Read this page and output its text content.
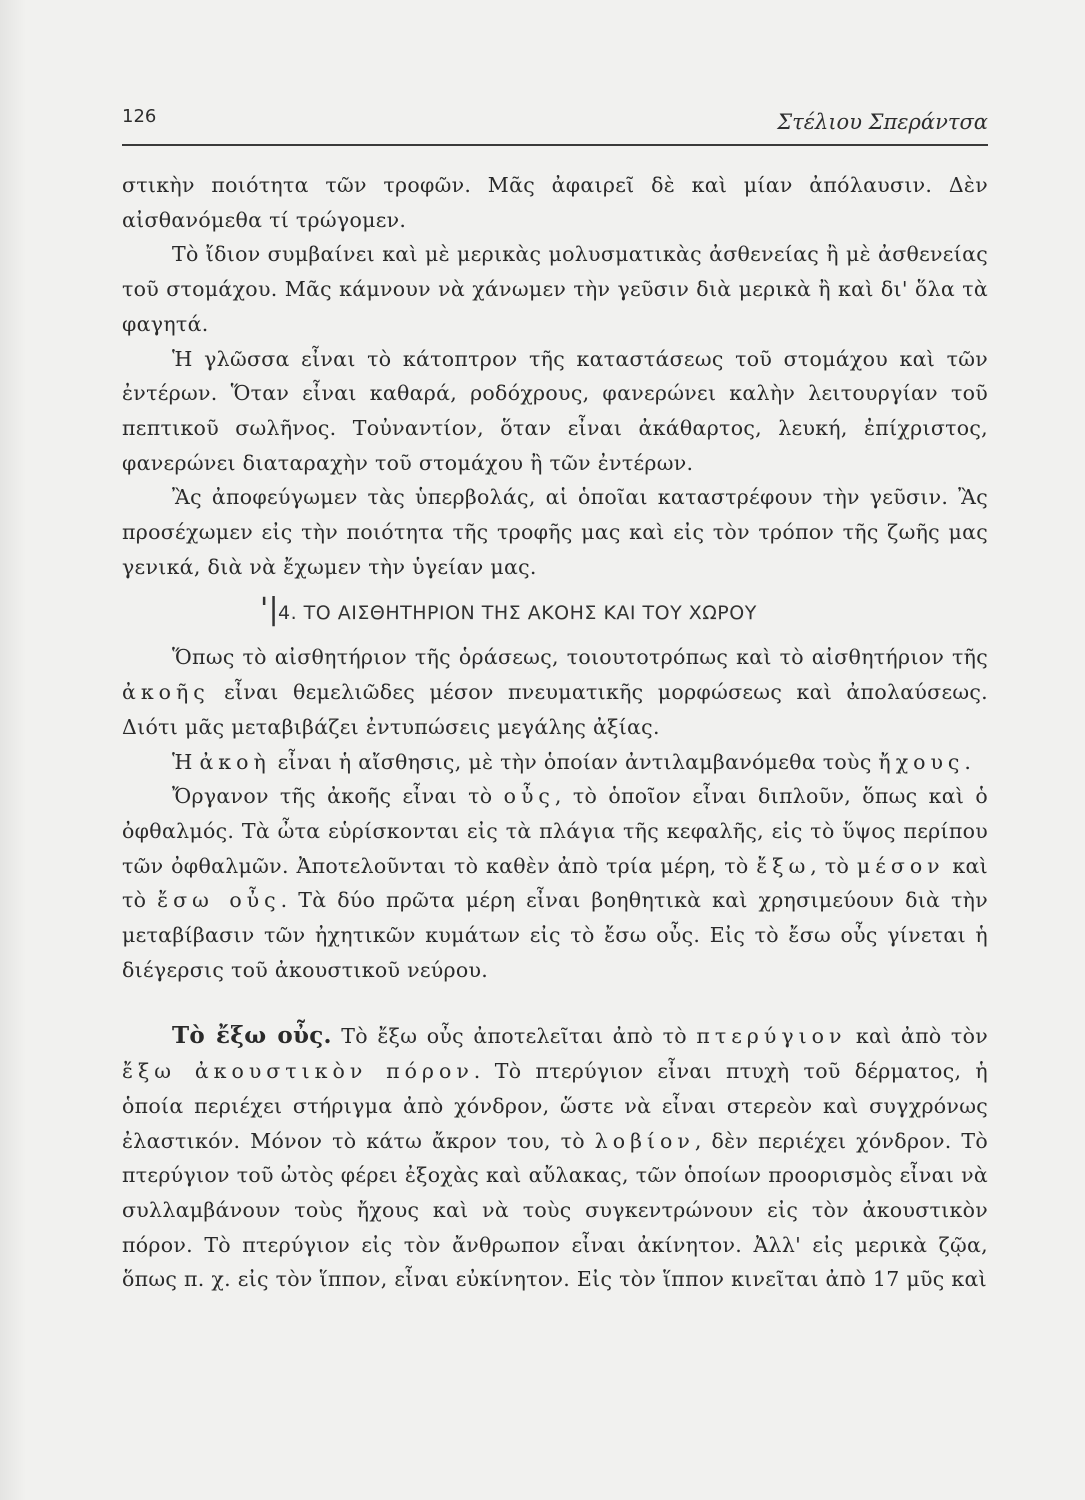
126	Στέλιου Σπεράντσα

στικὴν ποιότητα τῶν τροφῶν. Μᾶς ἀφαιρεῖ δὲ καὶ μίαν ἀπόλαυσιν. Δὲν αἰσθανόμεθα τί τρώγομεν.

Τὸ ἴδιον συμβαίνει καὶ μὲ μερικὰς μολυσματικὰς ἀσθενείας ἢ μὲ ἀσθενείας τοῦ στομάχου. Μᾶς κάμνουν νὰ χάνωμεν τὴν γεῦσιν διὰ μερικὰ ἢ καὶ δι' ὅλα τὰ φαγητά.

Ἡ γλῶσσα εἶναι τὸ κάτοπτρον τῆς καταστάσεως τοῦ στομάχου καὶ τῶν ἐντέρων. Ὅταν εἶναι καθαρά, ροδόχρους, φανερώνει καλὴν λειτουργίαν τοῦ πεπτικοῦ σωλῆνος. Τοὐναντίον, ὅταν εἶναι ἀκάθαρτος, λευκή, ἐπίχριστος, φανερώνει διαταραχὴν τοῦ στομάχου ἢ τῶν ἐντέρων.

Ἂς ἀποφεύγωμεν τὰς ὑπερβολάς, αἱ ὁποῖαι καταστρέφουν τὴν γεῦσιν. Ἂς προσέχωμεν εἰς τὴν ποιότητα τῆς τροφῆς μας καὶ εἰς τὸν τρόπον τῆς ζωῆς μας γενικά, διὰ νὰ ἔχωμεν τὴν ὑγείαν μας.

'| 4. ΤΟ ΑΙΣΘΗΤΗΡΙΟΝ ΤΗΣ ΑΚΟΗΣ ΚΑΙ ΤΟΥ ΧΩΡΟΥ

Ὅπως τὸ αἰσθητήριον τῆς ὁράσεως, τοιουτοτρόπως καὶ τὸ αἰσθητήριον τῆς ἀκοῆς εἶναι θεμελιῶδες μέσον πνευματικῆς μορφώσεως καὶ ἀπολαύσεως. Διότι μᾶς μεταβιβάζει ἐντυπώσεις μεγάλης ἀξίας.

Ἡ ἀκοὴ εἶναι ἡ αἴσθησις, μὲ τὴν ὁποίαν ἀντιλαμβανόμεθα τοὺς ἤχους.

Ὄργανον τῆς ἀκοῆς εἶναι τὸ οὖς, τὸ ὁποῖον εἶναι διπλοῦν, ὅπως καὶ ὁ ὀφθαλμός. Τὰ ὦτα εὑρίσκονται εἰς τὰ πλάγια τῆς κεφαλῆς, εἰς τὸ ὕψος περίπου τῶν ὀφθαλμῶν. Ἀποτελοῦνται τὸ καθὲν ἀπὸ τρία μέρη, τὸ ἔξω, τὸ μέσον καὶ τὸ ἔσω οὖς. Τὰ δύο πρῶτα μέρη εἶναι βοηθητικὰ καὶ χρησιμεύουν διὰ τὴν μεταβίβασιν τῶν ἠχητικῶν κυμάτων εἰς τὸ ἔσω οὖς. Εἰς τὸ ἔσω οὖς γίνεται ἡ διέγερσις τοῦ ἀκουστικοῦ νεύρου.

Τὸ ἔξω οὖς. Τὸ ἔξω οὖς ἀποτελεῖται ἀπὸ τὸ πτερύγιον καὶ ἀπὸ τὸν ἔξω ἀκουστικὸν πόρον. Τὸ πτερύγιον εἶναι πτυχὴ τοῦ δέρματος, ἡ ὁποία περιέχει στήριγμα ἀπὸ χόνδρον, ὥστε νὰ εἶναι στερεὸν καὶ συγχρόνως ἐλαστικόν. Μόνον τὸ κάτω ἄκρον του, τὸ λοβίον, δὲν περιέχει χόνδρον. Τὸ πτερύγιον τοῦ ὠτὸς φέρει ἐξοχὰς καὶ αὔλακας, τῶν ὁποίων προορισμὸς εἶναι νὰ συλλαμβάνουν τοὺς ἤχους καὶ νὰ τοὺς συγκεντρώνουν εἰς τὸν ἀκουστικὸν πόρον. Τὸ πτερύγιον εἰς τὸν ἄνθρωπον εἶναι ἀκίνητον. Ἀλλ' εἰς μερικὰ ζῷα, ὅπως π. χ. εἰς τὸν ἵππον, εἶναι εὐκίνητον. Εἰς τὸν ἵππον κινεῖται ἀπὸ 17 μῦς καὶ
